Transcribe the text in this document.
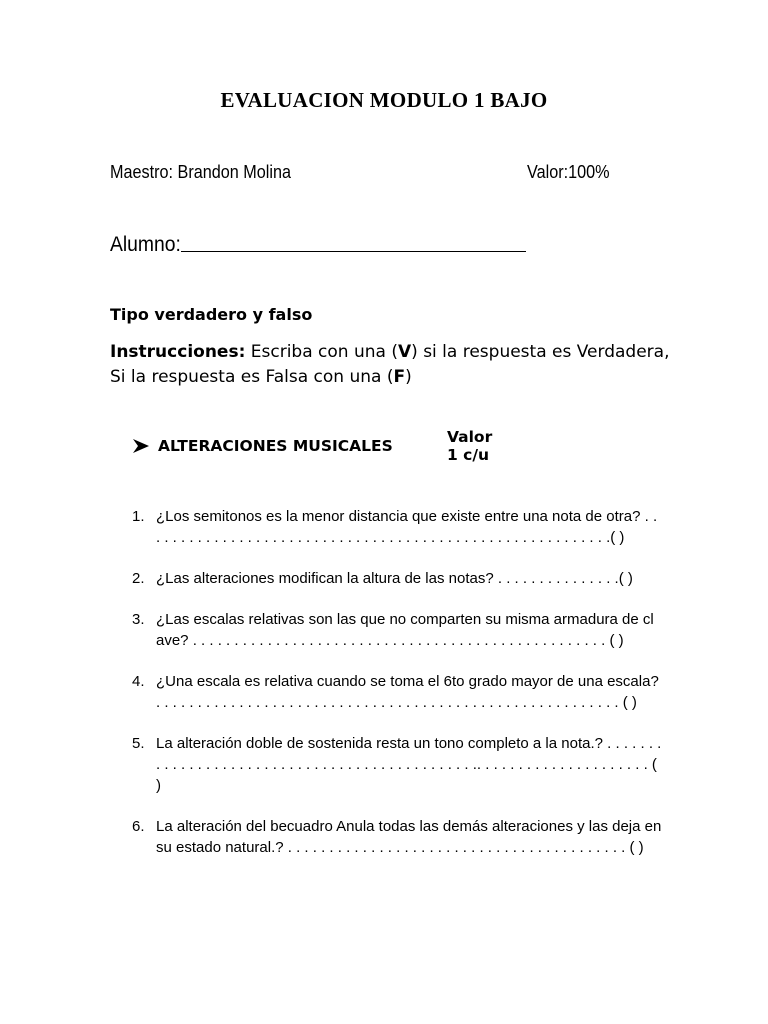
EVALUACION MODULO 1 BAJO
Maestro: Brandon Molina	Valor:100%
Alumno:
Tipo verdadero y falso
Instrucciones: Escriba con una (V) si la respuesta es Verdadera, Si la respuesta es Falsa con una (F)
ALTERACIONES MUSICALES	Valor 1 c/u
1. ¿Los semitonos es la menor distancia que existe entre una nota de otra? . . . . . . . . . . . . . . . . . . . . . . . . . . . . . . . . . . . . . . . . . . . . . . . . . . . . . . . . .( )
2. ¿Las alteraciones modifican la altura de las notas? . . . . . . . . . . . . . . .( )
3. ¿Las escalas relativas son las que no comparten su misma armadura de clave? . . . . . . . . . . . . . . . . . . . . . . . . . . . . . . . . . . . . . . . . . . . . . . . . . . ( )
4. ¿Una escala es relativa cuando se toma el 6to grado mayor de una escala? . . . . . . . . . . . . . . . . . . . . . . . . . . . . . . . . . . . . . . . . . . . . . . . . . . . . . . . . ( )
5. La alteración doble de sostenida resta un tono completo a la nota.? . . . . . . . . . . . . . . . . . . . . . . . . . . . . . . . . . . . . . . . . . . . . . .. . . . . . . . . . . . . . . . . . . . . ( )
6. La alteración del becuadro Anula todas las demás alteraciones y las deja en su estado natural.? . . . . . . . . . . . . . . . . . . . . . . . . . . . . . . . . . . . . . . . . . ( )
